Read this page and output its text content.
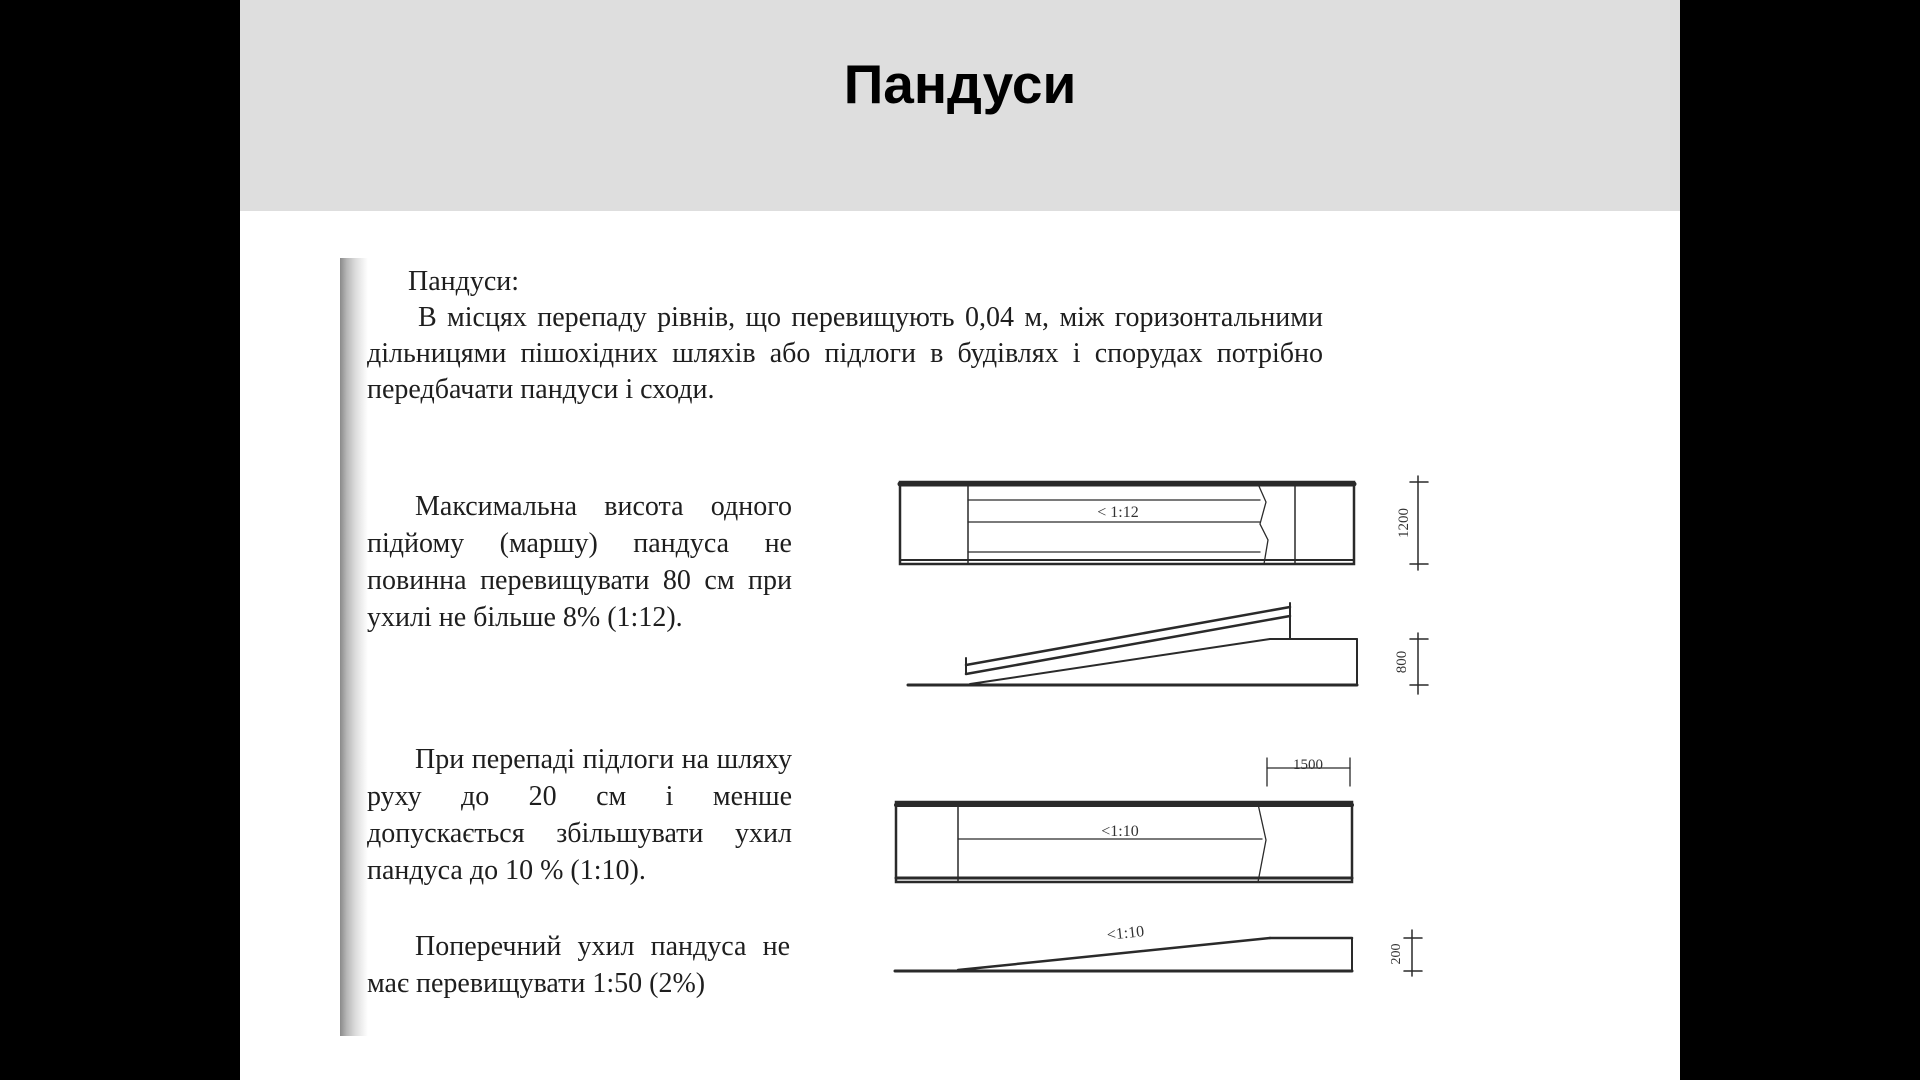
Пандуси

Пандуси:

В місцях перепаду рівнів, що перевищують 0,04 м, між горизонтальними дільницями пішохідних шляхів або підлоги в будівлях і спорудах потрібно передбачати пандуси і сходи.

Максимальна висота одного підйому (маршу) пандуса не повинна перевищувати 80 см при ухилі не більше 8% (1:12).

При перепаді підлоги на шляху руху до 20 см і менше допускається збільшувати ухил пандуса до 10 % (1:10).

Поперечний ухил пандуса не має перевищувати 1:50 (2%)

< 1:12	1200
800
1500
<1:10
<1:10
200
